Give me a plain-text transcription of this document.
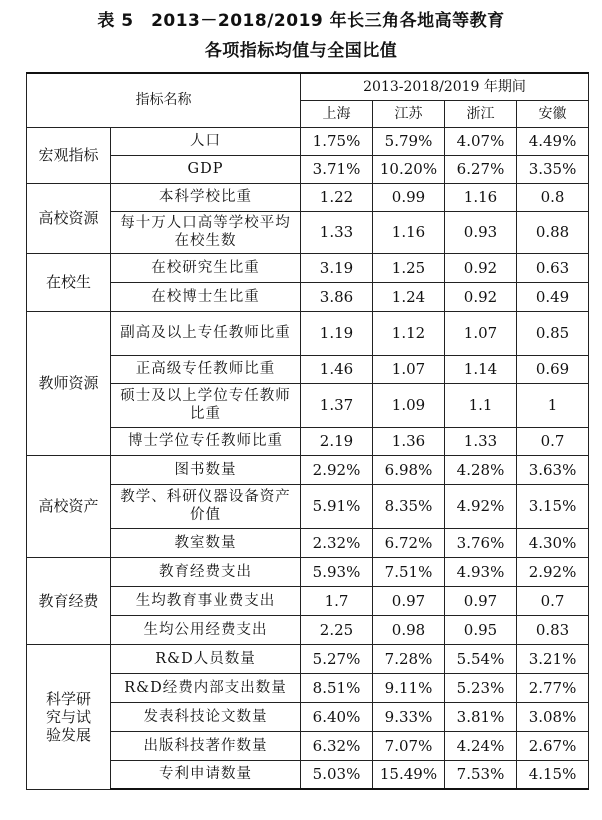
表 5　2013－2018/2019 年长三角各地高等教育
各项指标均值与全国比值
指标名称		2013-2018/2019 年期间			
		上海	江苏	浙江	安徽
宏观指标	人口	1.75%	5.79%	4.07%	4.49%
	GDP	3.71%	10.20%	6.27%	3.35%
高校资源	本科学校比重	1.22	0.99	1.16	0.8
	每十万人口高等学校平均在校生数	1.33	1.16	0.93	0.88
在校生	在校研究生比重	3.19	1.25	0.92	0.63
	在校博士生比重	3.86	1.24	0.92	0.49
教师资源	副高及以上专任教师比重	1.19	1.12	1.07	0.85
	正高级专任教师比重	1.46	1.07	1.14	0.69
	硕士及以上学位专任教师比重	1.37	1.09	1.1	1
	博士学位专任教师比重	2.19	1.36	1.33	0.7
高校资产	图书数量	2.92%	6.98%	4.28%	3.63%
	教学、科研仪器设备资产价值	5.91%	8.35%	4.92%	3.15%
	教室数量	2.32%	6.72%	3.76%	4.30%
教育经费	教育经费支出	5.93%	7.51%	4.93%	2.92%
	生均教育事业费支出	1.7	0.97	0.97	0.7
	生均公用经费支出	2.25	0.98	0.95	0.83
科学研究与试验发展	R&D人员数量	5.27%	7.28%	5.54%	3.21%
	R&D经费内部支出数量	8.51%	9.11%	5.23%	2.77%
	发表科技论文数量	6.40%	9.33%	3.81%	3.08%
	出版科技著作数量	6.32%	7.07%	4.24%	2.67%
	专利申请数量	5.03%	15.49%	7.53%	4.15%
